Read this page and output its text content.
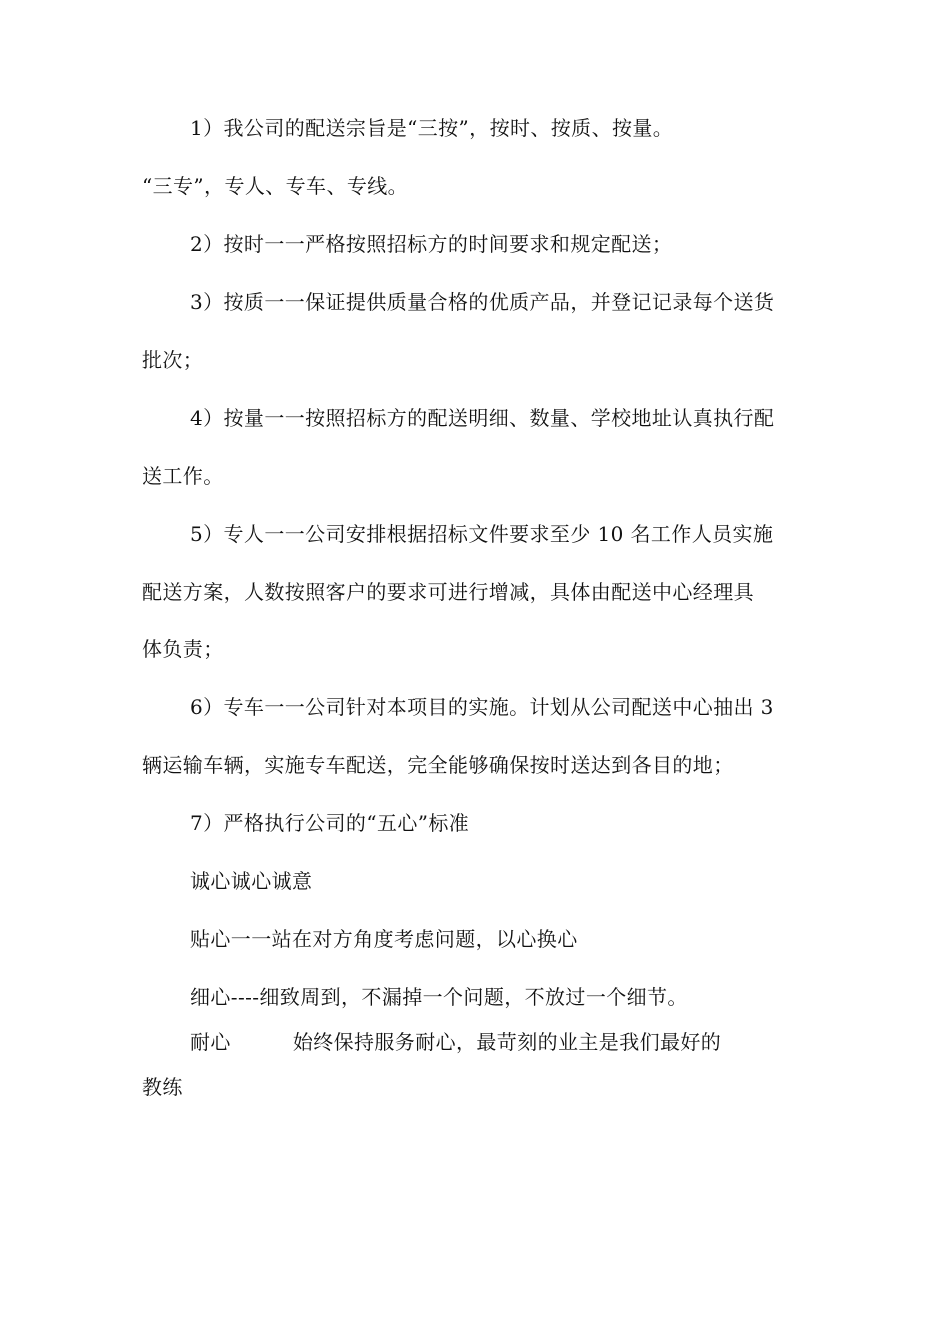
1）我公司的配送宗旨是“三按”，按时、按质、按量。
“三专”，专人、专车、专线。
2）按时一一严格按照招标方的时间要求和规定配送；
3）按质一一保证提供质量合格的优质产品，并登记记录每个送货
批次；
4）按量一一按照招标方的配送明细、数量、学校地址认真执行配
送工作。
5）专人一一公司安排根据招标文件要求至少 10 名工作人员实施
配送方案，人数按照客户的要求可进行增减，具体由配送中心经理具
体负责；
6）专车一一公司针对本项目的实施。计划从公司配送中心抽出 3
辆运输车辆，实施专车配送，完全能够确保按时送达到各目的地；
7）严格执行公司的“五心”标准
诚心诚心诚意
贴心一一站在对方角度考虑问题，以心换心
细心----细致周到，不漏掉一个问题，不放过一个细节。
耐心	始终保持服务耐心，最苛刻的业主是我们最好的
教练
